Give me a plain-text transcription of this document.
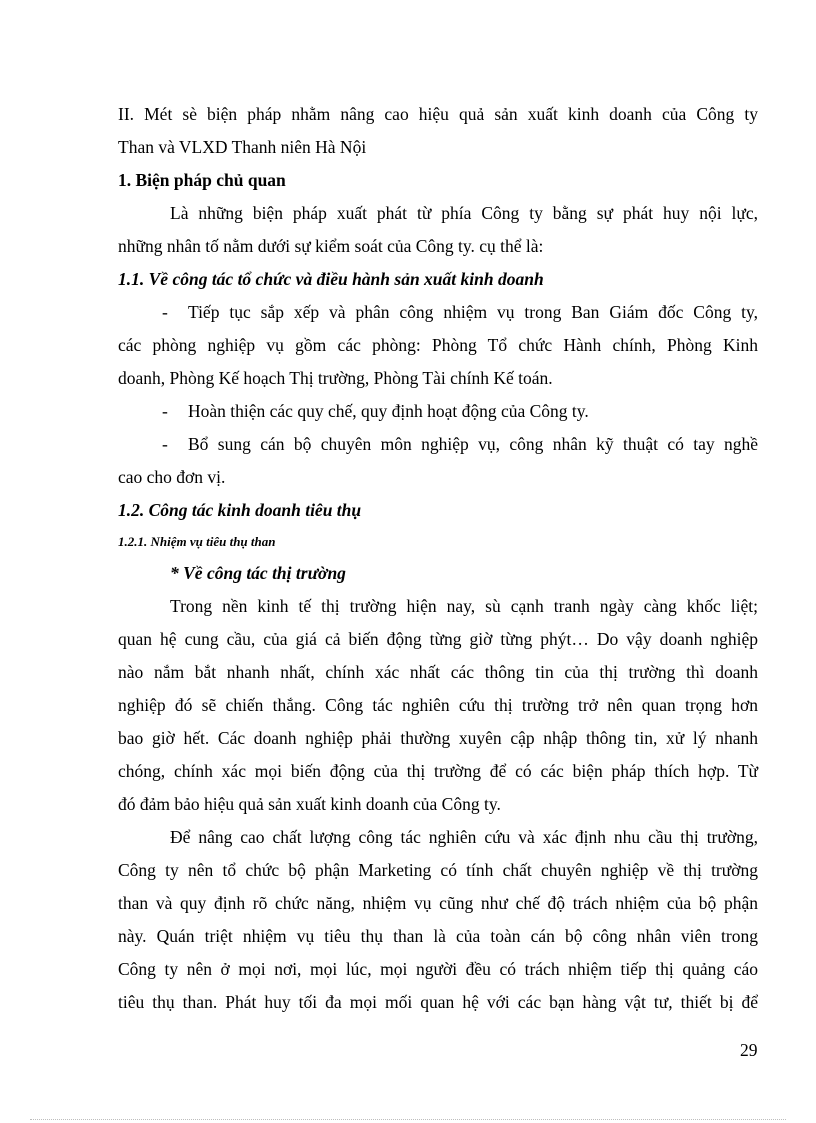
II. Mét sè biện pháp nhằm nâng cao hiệu quả sản xuất kinh doanh của Công ty
Than và VLXD Thanh niên Hà Nội
1. Biện pháp chủ quan
Là những biện pháp xuất phát từ phía Công ty bằng sự phát huy nội lực,
những nhân tố nằm dưới sự kiểm soát của Công ty. cụ thể là:
1.1. Về công tác tổ chức và điều hành sản xuất kinh doanh
- Tiếp tục sắp xếp và phân công nhiệm vụ trong Ban Giám đốc Công ty,
các phòng nghiệp vụ gồm các phòng: Phòng Tổ chức Hành chính, Phòng Kinh
doanh, Phòng Kế hoạch Thị trường, Phòng Tài chính Kế toán.
- Hoàn thiện các quy chế, quy định hoạt động của Công ty.
- Bổ sung cán bộ chuyên môn nghiệp vụ, công nhân kỹ thuật có tay nghề
cao cho đơn vị.
1.2. Công tác kinh doanh tiêu thụ
1.2.1. Nhiệm vụ tiêu thụ than
* Về công tác thị trường
Trong nền kinh tế thị trường hiện nay, sù cạnh tranh ngày càng khốc liệt;
quan hệ cung cầu, của giá cả biến động từng giờ từng phýt… Do vậy doanh nghiệp
nào nắm bắt nhanh nhất, chính xác nhất các thông tin của thị trường thì doanh
nghiệp đó sẽ chiến thắng. Công tác nghiên cứu thị trường trở nên quan trọng hơn
bao giờ hết. Các doanh nghiệp phải thường xuyên cập nhập thông tin, xử lý nhanh
chóng, chính xác mọi biến động của thị trường để có các biện pháp thích hợp. Từ
đó đảm bảo hiệu quả sản xuất kinh doanh của Công ty.
Để nâng cao chất lượng công tác nghiên cứu và xác định nhu cầu thị trường,
Công ty nên tổ chức bộ phận Marketing có tính chất chuyên nghiệp về thị trường
than và quy định rõ chức năng, nhiệm vụ cũng như chế độ trách nhiệm của bộ phận
này. Quán triệt nhiệm vụ tiêu thụ than là của toàn cán bộ công nhân viên trong
Công ty nên ở mọi nơi, mọi lúc, mọi người đều có trách nhiệm tiếp thị quảng cáo
tiêu thụ than. Phát huy tối đa mọi mối quan hệ với các bạn hàng vật tư, thiết bị để
29
